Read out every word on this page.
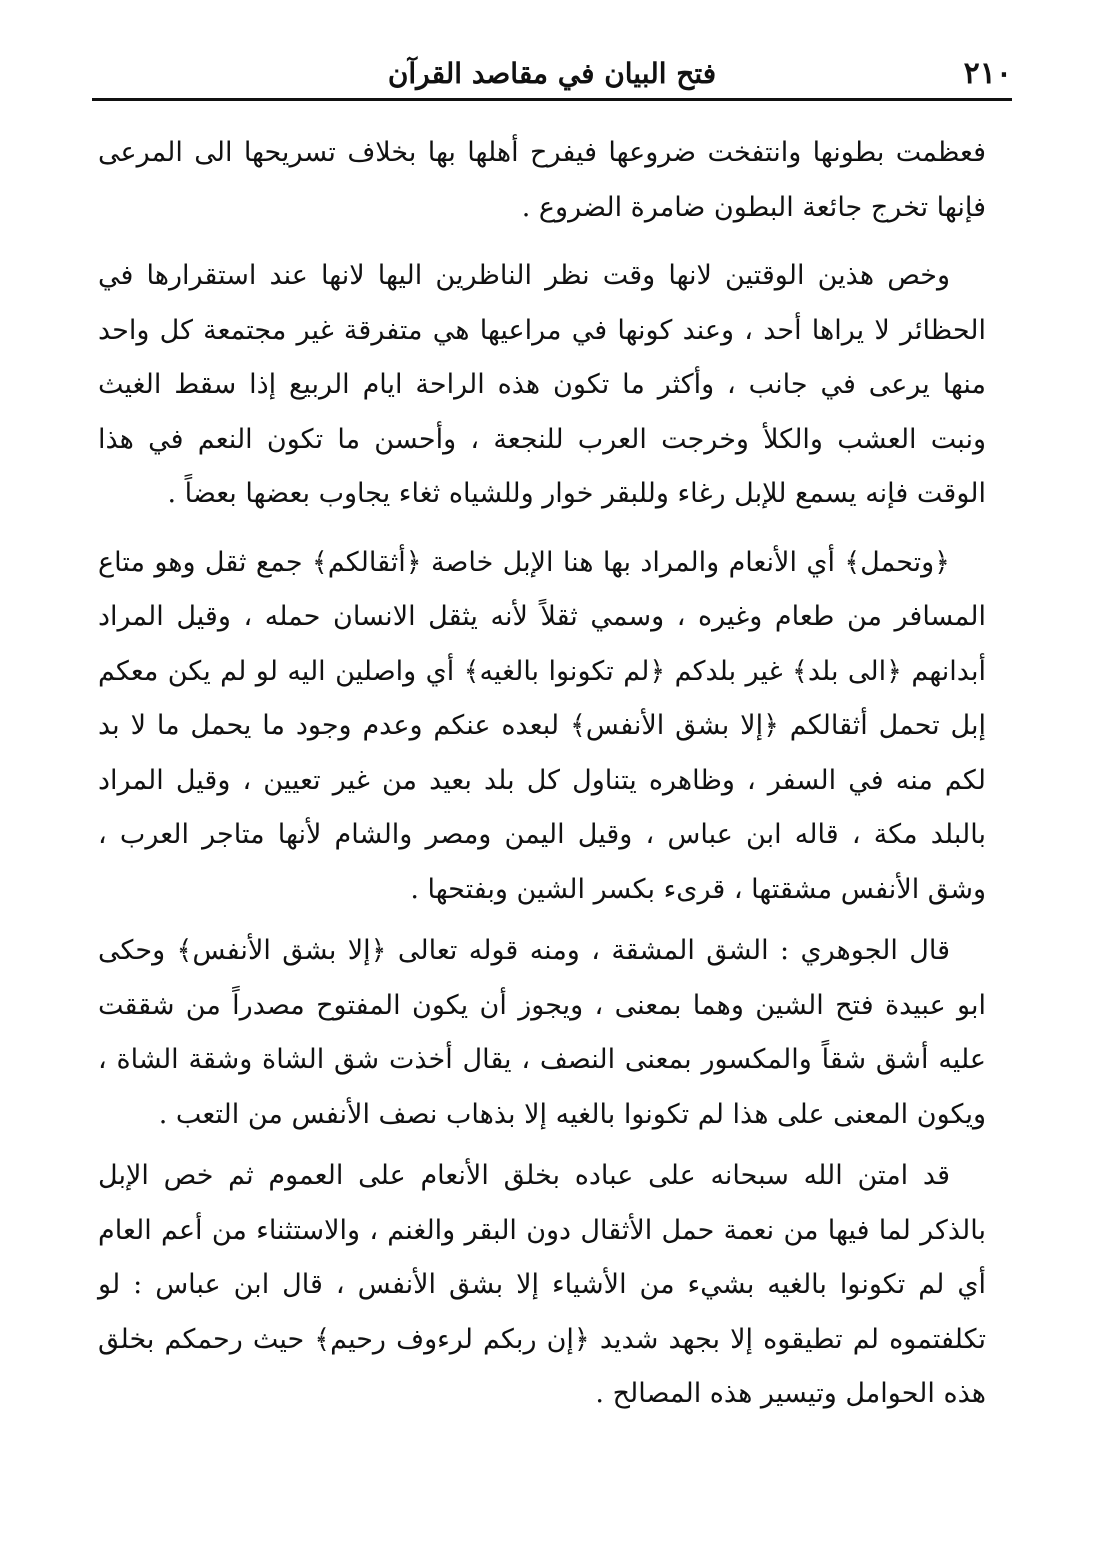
٢١٠
فتح البيان في مقاصد القرآن

فعظمت بطونها وانتفخت ضروعها فيفرح أهلها بها بخلاف تسريحها الى المرعى فإنها تخرج جائعة البطون ضامرة الضروع .

وخص هذين الوقتين لانها وقت نظر الناظرين اليها لانها عند استقرارها في الحظائر لا يراها أحد ، وعند كونها في مراعيها هي متفرقة غير مجتمعة كل واحد منها يرعى في جانب ، وأكثر ما تكون هذه الراحة ايام الربيع إذا سقط الغيث ونبت العشب والكلأ وخرجت العرب للنجعة ، وأحسن ما تكون النعم في هذا الوقت فإنه يسمع للإبل رغاء وللبقر خوار وللشياه ثغاء يجاوب بعضها بعضاً .

﴿وتحمل﴾ أي الأنعام والمراد بها هنا الإبل خاصة ﴿أثقالكم﴾ جمع ثقل وهو متاع المسافر من طعام وغيره ، وسمي ثقلاً لأنه يثقل الانسان حمله ، وقيل المراد أبدانهم ﴿الى بلد﴾ غير بلدكم ﴿لم تكونوا بالغيه﴾ أي واصلين اليه لو لم يكن معكم إبل تحمل أثقالكم ﴿إلا بشق الأنفس﴾ لبعده عنكم وعدم وجود ما يحمل ما لا بد لكم منه في السفر ، وظاهره يتناول كل بلد بعيد من غير تعيين ، وقيل المراد بالبلد مكة ، قاله ابن عباس ، وقيل اليمن ومصر والشام لأنها متاجر العرب ، وشق الأنفس مشقتها ، قرىء بكسر الشين وبفتحها .

قال الجوهري : الشق المشقة ، ومنه قوله تعالى ﴿إلا بشق الأنفس﴾ وحكى ابو عبيدة فتح الشين وهما بمعنى ، ويجوز أن يكون المفتوح مصدراً من شققت عليه أشق شقاً والمكسور بمعنى النصف ، يقال أخذت شق الشاة وشقة الشاة ، ويكون المعنى على هذا لم تكونوا بالغيه إلا بذهاب نصف الأنفس من التعب .

قد امتن الله سبحانه على عباده بخلق الأنعام على العموم ثم خص الإبل بالذكر لما فيها من نعمة حمل الأثقال دون البقر والغنم ، والاستثناء من أعم العام أي لم تكونوا بالغيه بشيء من الأشياء إلا بشق الأنفس ، قال ابن عباس : لو تكلفتموه لم تطيقوه إلا بجهد شديد ﴿إن ربكم لرءوف رحيم﴾ حيث رحمكم بخلق هذه الحوامل وتيسير هذه المصالح .
